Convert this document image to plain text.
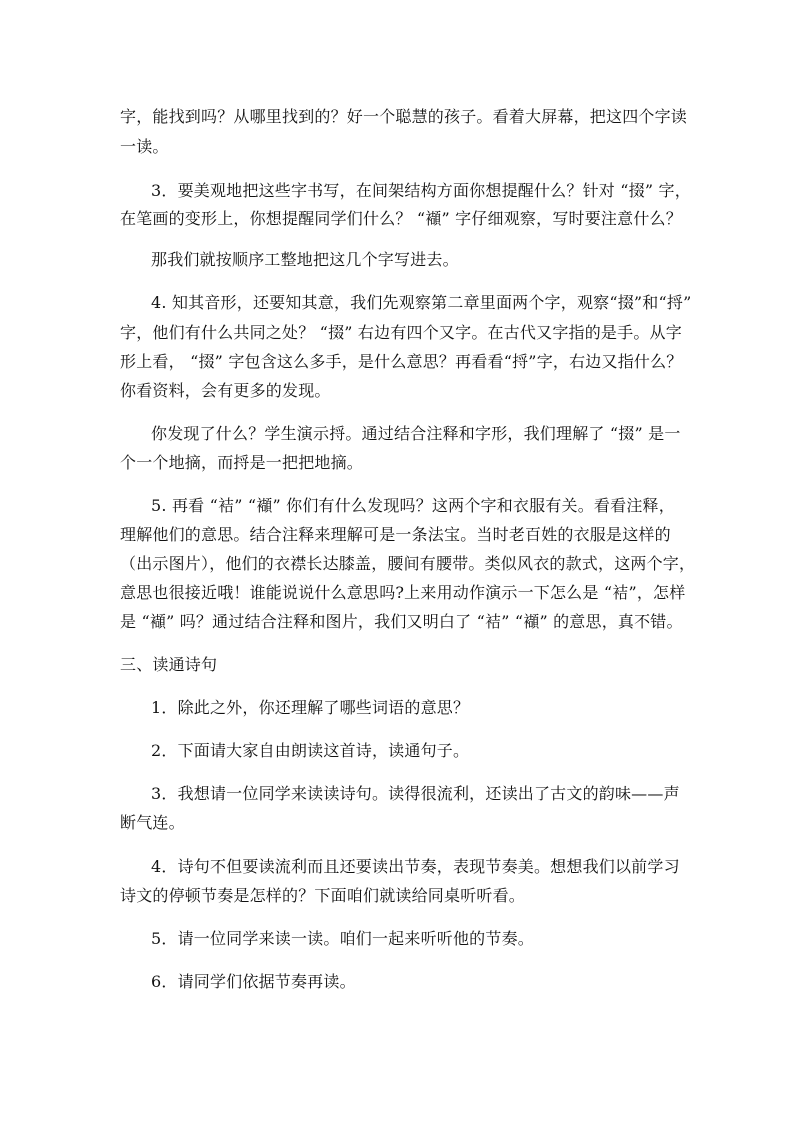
字，能找到吗？从哪里找到的？好一个聪慧的孩子。看着大屏幕，把这四个字读
一读。
3．要美观地把这些字书写，在间架结构方面你想提醒什么？针对 “掇” 字，
在笔画的变形上，你想提醒同学们什么？ “襭” 字仔细观察，写时要注意什么？
那我们就按顺序工整地把这几个字写进去。
4. 知其音形，还要知其意，我们先观察第二章里面两个字，观察“掇”和“捋”
字，他们有什么共同之处？ “掇” 右边有四个又字。在古代又字指的是手。从字
形上看， “掇” 字包含这么多手，是什么意思？再看看“捋”字，右边又指什么？
你看资料，会有更多的发现。
你发现了什么？学生演示捋。通过结合注释和字形，我们理解了 “掇” 是一
个一个地摘，而捋是一把把地摘。
5. 再看 “袺” “襭” 你们有什么发现吗？这两个字和衣服有关。看看注释，
理解他们的意思。结合注释来理解可是一条法宝。当时老百姓的衣服是这样的
（出示图片），他们的衣襟长达膝盖，腰间有腰带。类似风衣的款式，这两个字，
意思也很接近哦！谁能说说什么意思吗?上来用动作演示一下怎么是 “袺”，怎样
是 “襭” 吗？通过结合注释和图片，我们又明白了 “袺” “襭” 的意思，真不错。
三、读通诗句
1．除此之外，你还理解了哪些词语的意思？
2．下面请大家自由朗读这首诗，读通句子。
3．我想请一位同学来读读诗句。读得很流利，还读出了古文的韵味——声
断气连。
4．诗句不但要读流利而且还要读出节奏，表现节奏美。想想我们以前学习
诗文的停顿节奏是怎样的？下面咱们就读给同桌听听看。
5．请一位同学来读一读。咱们一起来听听他的节奏。
6．请同学们依据节奏再读。
